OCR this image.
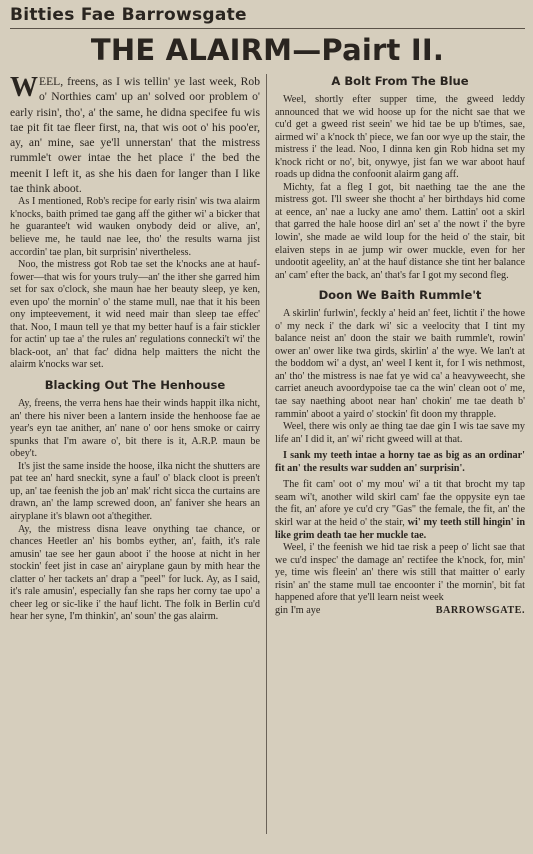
Bitties Fae Barrowsgate
THE ALAIRM—Pairt II.

WEEL, freens, as I wis tellin' ye last week, Rob o' Northies cam' up an' solved oor problem o' early risin', tho', a' the same, he didna specifee fu wis tae pit fit tae fleer first, na, that wis oot o' his poo'er, ay, an' mine, sae ye'll unnerstan' that the mistress rummle't ower intae the het place i' the bed the meenit I left it, as she his daen for langer than I like tae think aboot.

As I mentioned, Rob's recipe for early risin' wis twa alairm k'nocks, baith primed tae gang aff the gither wi' a bicker that he guarantee't wid wauken onybody deid or alive, an', believe me, he tauld nae lee, tho' the results warna jist accordin' tae plan, bit surprisin' nivertheless.

Noo, the mistress got Rob tae set the k'nocks ane at hauf-fower—that wis for yours truly—an' the ither she garred him set for sax o'clock, she maun hae her beauty sleep, ye ken, even upo' the mornin' o' the stame mull, nae that it his been ony impteevement, it wid need mair than sleep tae effec' that. Noo, I maun tell ye that my better hauf is a fair stickler for actin' up tae a' the rules an' regulations connecki't wi' the black-oot, an' that fac' didna help maitters the nicht the alairm k'nocks war set.

Blacking Out The Henhouse

Ay, freens, the verra hens hae their winds happit ilka nicht, an' there his niver been a lantern inside the henhoose fae ae year's eyn tae anither, an' nane o' oor hens smoke or cairry spunks that I'm aware o', bit there is it, A.R.P. maun be obey't.

It's jist the same inside the hoose, ilka nicht the shutters are pat tee an' hard sneckit, syne a faul' o' black cloot is preen't up, an' tae feenish the job an' mak' richt sicca the curtains are drawn, an' the lamp screwed doon, an' faniver she hears an airyplane it's blawn oot a'thegither.

Ay, the mistress disna leave onything tae chance, or chances Heetler an' his bombs eyther, an', faith, it's rale amusin' tae see her gaun aboot i' the hoose at nicht in her stockin' feet jist in case an' airyplane gaun by mith hear the clatter o' her tackets an' drap a "peel" for luck. Ay, as I said, it's rale amusin', especially fan she raps her corny tae upo' a cheer leg or sic-like i' the hauf licht. The folk in Berlin cu'd hear her syne, I'm thinkin', an' soun' the gas alairm.

A Bolt From The Blue

Weel, shortly efter supper time, the gweed leddy announced that we wid hoose up for the nicht sae that we cu'd get a gweed rist seein' we hid tae be up b'times, sae, airmed wi' a k'nock th' piece, we fan oor wye up the stair, the mistress i' the lead. Noo, I dinna ken gin Rob hidna set my k'nock richt or no', bit, onywye, jist fan we war aboot hauf roads up didna the confoonit alairm gang aff.

Michty, fat a fleg I got, bit naething tae the ane the mistress got. I'll sweer she thocht a' her birthdays hid come at eence, an' nae a lucky ane amo' them. Lattin' oot a skirl that garred the hale hoose dirl an' set a' the nowt i' the byre lowin', she made ae wild loup for the heid o' the stair, bit elaiven steps in ae jump wir ower muckle, even for her undootit ageelity, an' at the hauf distance she tint her balance an' cam' efter the back, an' that's far I got my second fleg.

Doon We Baith Rummle't

A skirlin' furlwin', feckly a' heid an' feet, lichtit i' the howe o' my neck i' the dark wi' sic a veelocity that I tint my balance neist an' doon the stair we baith rummle't, rowin' ower an' ower like twa girds, skirlin' a' the wye. We lan't at the boddom wi' a dyst, an' weel I kent it, for I wis nethmost, an' tho' the mistress is nae fat ye wid ca' a heavyweecht, she carriet aneuch avoordypoise tae ca the win' clean oot o' me, tae say naething aboot near han' chokin' me tae death b' rammin' aboot a yaird o' stockin' fit doon my thrapple.

Weel, there wis only ae thing tae dae gin I wis tae save my life an' I did it, an' wi' richt gweed will at that.

I sank my teeth intae a horny tae as big as an ordinar' fit an' the results war sudden an' surprisin'.

The fit cam' oot o' my mou' wi' a tit that brocht my tap seam wi't, another wild skirl cam' fae the oppysite eyn tae the fit, an' afore ye cu'd cry "Gas" the female, the fit, an' the skirl war at the heid o' the stair, wi' my teeth still hingin' in like grim death tae her muckle tae.

Weel, i' the feenish we hid tae risk a peep o' licht sae that we cu'd inspec' the damage an' rectifee the k'nock, for, min' ye, time wis fleein' an' there wis still that maitter o' early risin' an' the stame mull tae encoonter i' the mornin', bit fat happened afore that ye'll learn neist week

gin I'm aye	BARROWSGATE.
